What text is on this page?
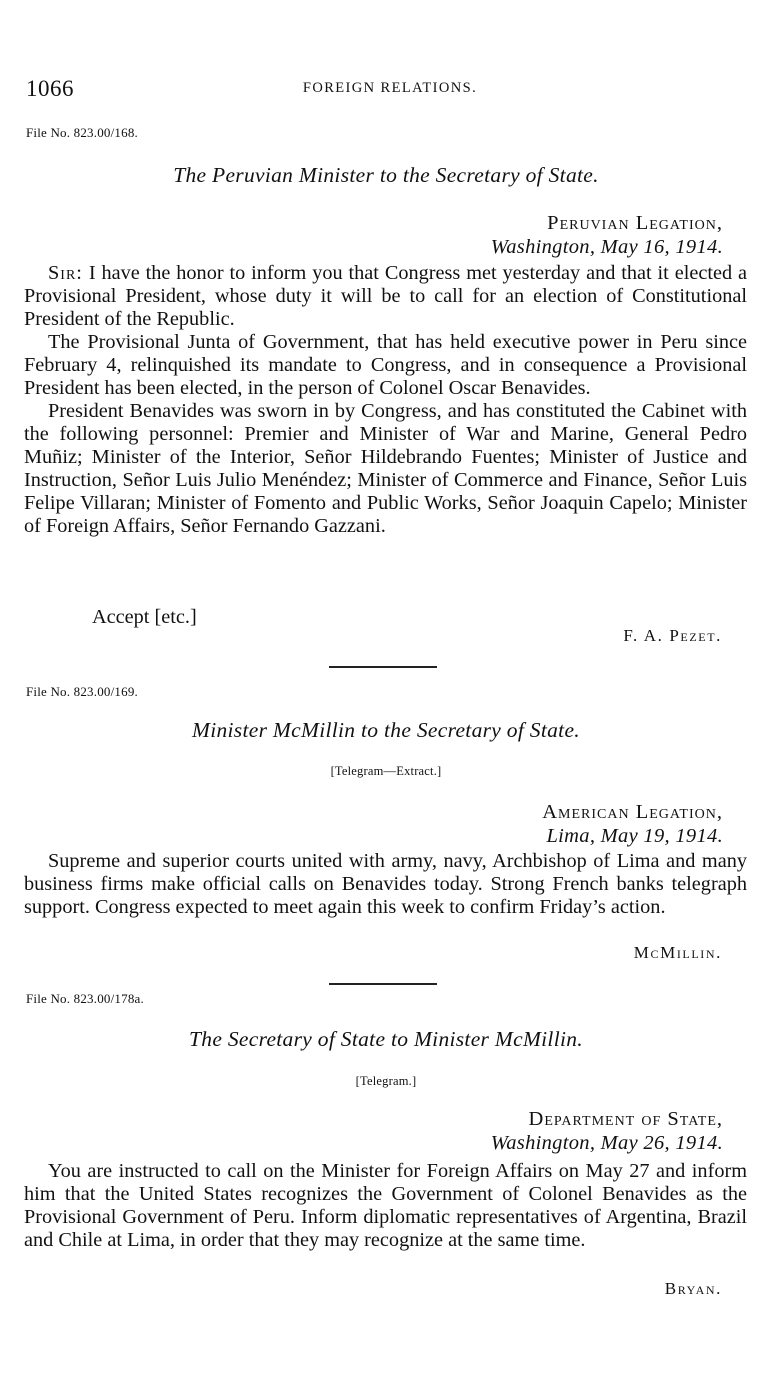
1066	FOREIGN RELATIONS.
File No. 823.00/168.
The Peruvian Minister to the Secretary of State.
Peruvian Legation,
Washington, May 16, 1914.

Sir: I have the honor to inform you that Congress met yesterday and that it elected a Provisional President, whose duty it will be to call for an election of Constitutional President of the Republic.

The Provisional Junta of Government, that has held executive power in Peru since February 4, relinquished its mandate to Congress, and in consequence a Provisional President has been elected, in the person of Colonel Oscar Benavides.

President Benavides was sworn in by Congress, and has constituted the Cabinet with the following personnel: Premier and Minister of War and Marine, General Pedro Muñiz; Minister of the Interior, Señor Hildebrando Fuentes; Minister of Justice and Instruction, Señor Luis Julio Menéndez; Minister of Commerce and Finance, Señor Luis Felipe Villaran; Minister of Fomento and Public Works, Señor Joaquin Capelo; Minister of Foreign Affairs, Señor Fernando Gazzani.

Accept [etc.]
F. A. Pezet.
File No. 823.00/169.
Minister McMillin to the Secretary of State.
[Telegram—Extract.]
American Legation,
Lima, May 19, 1914.

Supreme and superior courts united with army, navy, Archbishop of Lima and many business firms make official calls on Benavides today. Strong French banks telegraph support. Congress expected to meet again this week to confirm Friday’s action.

McMillin.
File No. 823.00/178a.
The Secretary of State to Minister McMillin.
[Telegram.]
Department of State,
Washington, May 26, 1914.

You are instructed to call on the Minister for Foreign Affairs on May 27 and inform him that the United States recognizes the Government of Colonel Benavides as the Provisional Government of Peru. Inform diplomatic representatives of Argentina, Brazil and Chile at Lima, in order that they may recognize at the same time.

Bryan.
